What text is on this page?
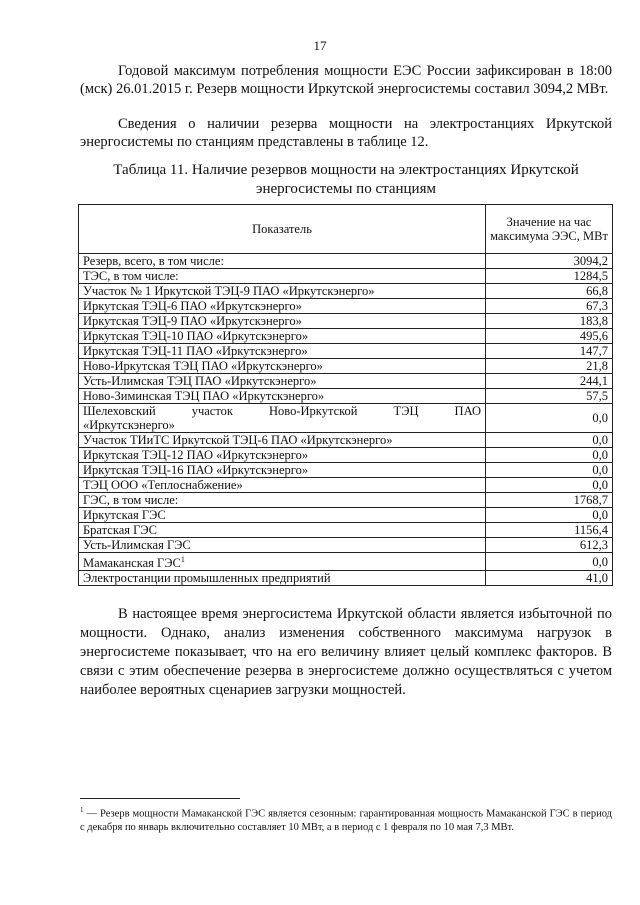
17

Годовой максимум потребления мощности ЕЭС России зафиксирован в 18:00 (мск) 26.01.2015 г. Резерв мощности Иркутской энергосистемы составил 3094,2 МВт.

Сведения о наличии резерва мощности на электростанциях Иркутской энергосистемы по станциям представлены в таблице 12.

Таблица 11. Наличие резервов мощности на электростанциях Иркутской
энергосистемы по станциям

Показатель	Значение на час максимума ЭЭС, МВт
Резерв, всего, в том числе:	3094,2
ТЭС, в том числе:	1284,5
Участок № 1 Иркутской ТЭЦ-9 ПАО «Иркутскэнерго»	66,8
Иркутская ТЭЦ-6 ПАО «Иркутскэнерго»	67,3
Иркутская ТЭЦ-9 ПАО «Иркутскэнерго»	183,8
Иркутская ТЭЦ-10 ПАО «Иркутскэнерго»	495,6
Иркутская ТЭЦ-11 ПАО «Иркутскэнерго»	147,7
Ново-Иркутская ТЭЦ ПАО «Иркутскэнерго»	21,8
Усть-Илимская ТЭЦ ПАО «Иркутскэнерго»	244,1
Ново-Зиминская ТЭЦ ПАО «Иркутскэнерго»	57,5
Шелеховский участок Ново-Иркутской ТЭЦ ПАО
«Иркутскэнерго»	0,0
Участок ТИиТС Иркутской ТЭЦ-6 ПАО «Иркутскэнерго»	0,0
Иркутская ТЭЦ-12 ПАО «Иркутскэнерго»	0,0
Иркутская ТЭЦ-16 ПАО «Иркутскэнерго»	0,0
ТЭЦ ООО «Теплоснабжение»	0,0
ГЭС, в том числе:	1768,7
Иркутская ГЭС	0,0
Братская ГЭС	1156,4
Усть-Илимская ГЭС	612,3
Мамаканская ГЭС$^1$	0,0
Электростанции промышленных предприятий	41,0

В настоящее время энергосистема Иркутской области является избыточной по мощности. Однако, анализ изменения собственного максимума нагрузок в энергосистеме показывает, что на его величину влияет целый комплекс факторов. В связи с этим обеспечение резерва в энергосистеме должно осуществляться с учетом наиболее вероятных сценариев загрузки мощностей.

$^1$ — Резерв мощности Мамаканской ГЭС является сезонным: гарантированная мощность Мамаканской ГЭС в период с декабря по январь включительно составляет 10 МВт, а в период с 1 февраля по 10 мая 7,3 МВт.
